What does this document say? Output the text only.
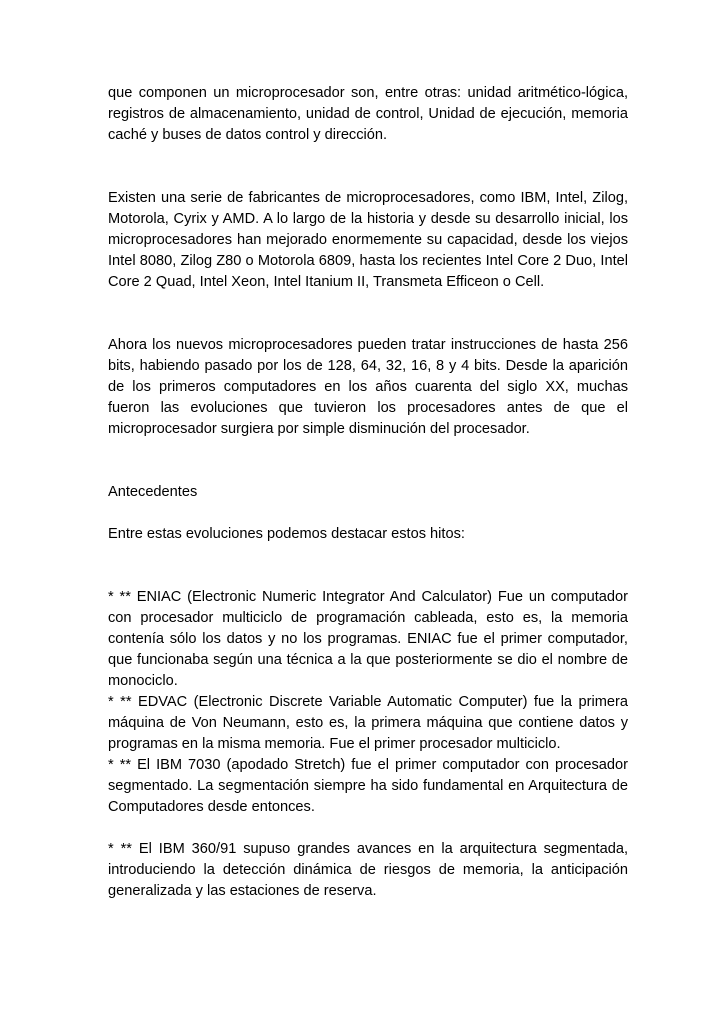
que componen un microprocesador son, entre otras: unidad aritmético-lógica, registros de almacenamiento, unidad de control, Unidad de ejecución, memoria caché y buses de datos control y dirección.

Existen una serie de fabricantes de microprocesadores, como IBM, Intel, Zilog, Motorola, Cyrix y AMD. A lo largo de la historia y desde su desarrollo inicial, los microprocesadores han mejorado enormemente su capacidad, desde los viejos Intel 8080, Zilog Z80 o Motorola 6809, hasta los recientes Intel Core 2 Duo, Intel Core 2 Quad, Intel Xeon, Intel Itanium II, Transmeta Efficeon o Cell.

Ahora los nuevos microprocesadores pueden tratar instrucciones de hasta 256 bits, habiendo pasado por los de 128, 64, 32, 16, 8 y 4 bits. Desde la aparición de los primeros computadores en los años cuarenta del siglo XX, muchas fueron las evoluciones que tuvieron los procesadores antes de que el microprocesador surgiera por simple disminución del procesador.

Antecedentes

Entre estas evoluciones podemos destacar estos hitos:

* ** ENIAC (Electronic Numeric Integrator And Calculator) Fue un computador con procesador multiciclo de programación cableada, esto es, la memoria contenía sólo los datos y no los programas. ENIAC fue el primer computador, que funcionaba según una técnica a la que posteriormente se dio el nombre de monociclo.

* ** EDVAC (Electronic Discrete Variable Automatic Computer) fue la primera máquina de Von Neumann, esto es, la primera máquina que contiene datos y programas en la misma memoria. Fue el primer procesador multiciclo.

* ** El IBM 7030 (apodado Stretch) fue el primer computador con procesador segmentado. La segmentación siempre ha sido fundamental en Arquitectura de Computadores desde entonces.

* ** El IBM 360/91 supuso grandes avances en la arquitectura segmentada, introduciendo la detección dinámica de riesgos de memoria, la anticipación generalizada y las estaciones de reserva.
